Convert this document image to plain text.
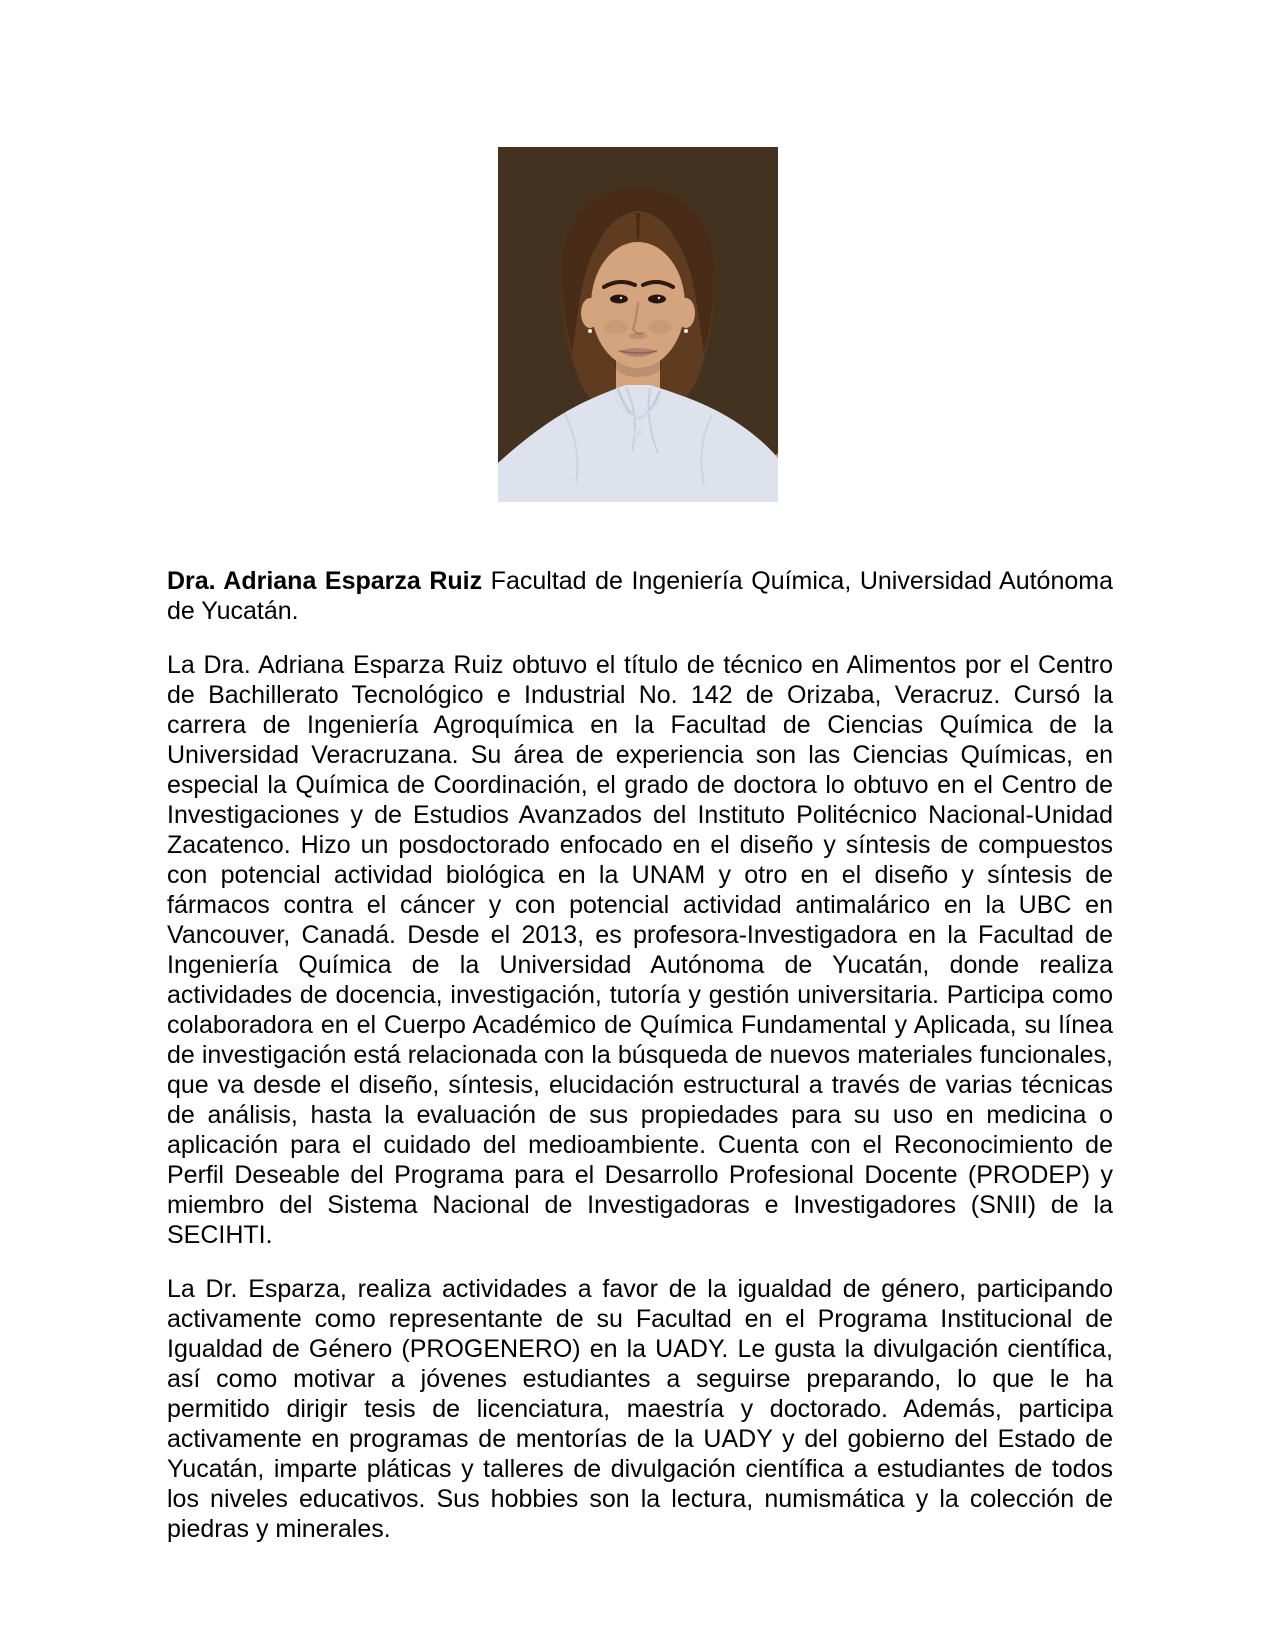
Dra. Adriana Esparza Ruiz Facultad de Ingeniería Química, Universidad Autónoma de Yucatán.

La Dra. Adriana Esparza Ruiz obtuvo el título de técnico en Alimentos por el Centro de Bachillerato Tecnológico e Industrial No. 142 de Orizaba, Veracruz. Cursó la carrera de Ingeniería Agroquímica en la Facultad de Ciencias Química de la Universidad Veracruzana. Su área de experiencia son las Ciencias Químicas, en especial la Química de Coordinación, el grado de doctora lo obtuvo en el Centro de Investigaciones y de Estudios Avanzados del Instituto Politécnico Nacional-Unidad Zacatenco. Hizo un posdoctorado enfocado en el diseño y síntesis de compuestos con potencial actividad biológica en la UNAM y otro en el diseño y síntesis de fármacos contra el cáncer y con potencial actividad antimalárico en la UBC en Vancouver, Canadá. Desde el 2013, es profesora-Investigadora en la Facultad de Ingeniería Química de la Universidad Autónoma de Yucatán, donde realiza actividades de docencia, investigación, tutoría y gestión universitaria. Participa como colaboradora en el Cuerpo Académico de Química Fundamental y Aplicada, su línea de investigación está relacionada con la búsqueda de nuevos materiales funcionales, que va desde el diseño, síntesis, elucidación estructural a través de varias técnicas de análisis, hasta la evaluación de sus propiedades para su uso en medicina o aplicación para el cuidado del medioambiente. Cuenta con el Reconocimiento de Perfil Deseable del Programa para el Desarrollo Profesional Docente (PRODEP) y miembro del Sistema Nacional de Investigadoras e Investigadores (SNII) de la SECIHTI.

La Dr. Esparza, realiza actividades a favor de la igualdad de género, participando activamente como representante de su Facultad en el Programa Institucional de Igualdad de Género (PROGENERO) en la UADY. Le gusta la divulgación científica, así como motivar a jóvenes estudiantes a seguirse preparando, lo que le ha permitido dirigir tesis de licenciatura, maestría y doctorado. Además, participa activamente en programas de mentorías de la UADY y del gobierno del Estado de Yucatán, imparte pláticas y talleres de divulgación científica a estudiantes de todos los niveles educativos. Sus hobbies son la lectura, numismática y la colección de piedras y minerales.
